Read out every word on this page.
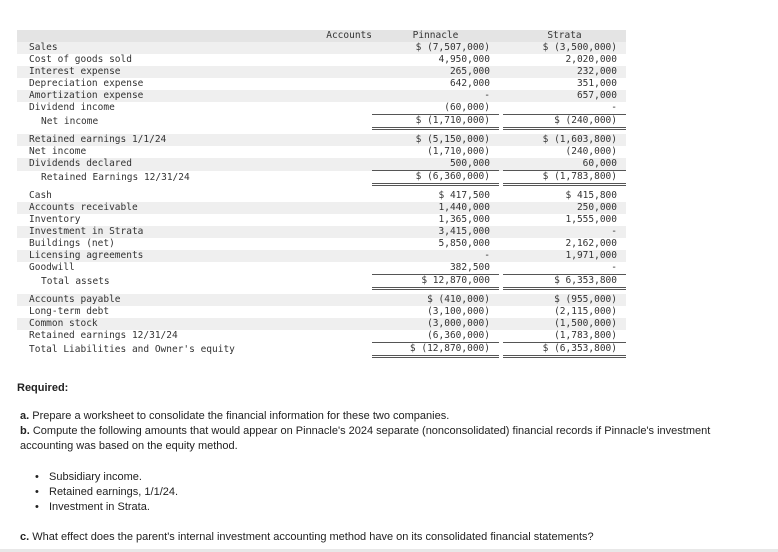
Accounts	Pinnacle		Strata
Sales	$ (7,507,000)		$ (3,500,000)
Cost of goods sold	4,950,000		2,020,000
Interest expense	265,000		232,000
Depreciation expense	642,000		351,000
Amortization expense	-		657,000
Dividend income	(60,000)		-
Net income	$ (1,710,000)		$ (240,000)

Retained earnings 1/1/24	$ (5,150,000)		$ (1,603,800)
Net income	(1,710,000)		(240,000)
Dividends declared	500,000		60,000
Retained Earnings 12/31/24	$ (6,360,000)		$ (1,783,800)

Cash	$ 417,500		$ 415,800
Accounts receivable	1,440,000		250,000
Inventory	1,365,000		1,555,000
Investment in Strata	3,415,000		-
Buildings (net)	5,850,000		2,162,000
Licensing agreements	-		1,971,000
Goodwill	382,500		-
Total assets	$ 12,870,000		$ 6,353,800

Accounts payable	$ (410,000)		$ (955,000)
Long-term debt	(3,100,000)		(2,115,000)
Common stock	(3,000,000)		(1,500,000)
Retained earnings 12/31/24	(6,360,000)		(1,783,800)
Total Liabilities and Owner's equity	$ (12,870,000)		$ (6,353,800)
Required:
a. Prepare a worksheet to consolidate the financial information for these two companies.
b. Compute the following amounts that would appear on Pinnacle's 2024 separate (nonconsolidated) financial records if Pinnacle's investment accounting was based on the equity method.
• Subsidiary income.
• Retained earnings, 1/1/24.
• Investment in Strata.
c. What effect does the parent's internal investment accounting method have on its consolidated financial statements?
